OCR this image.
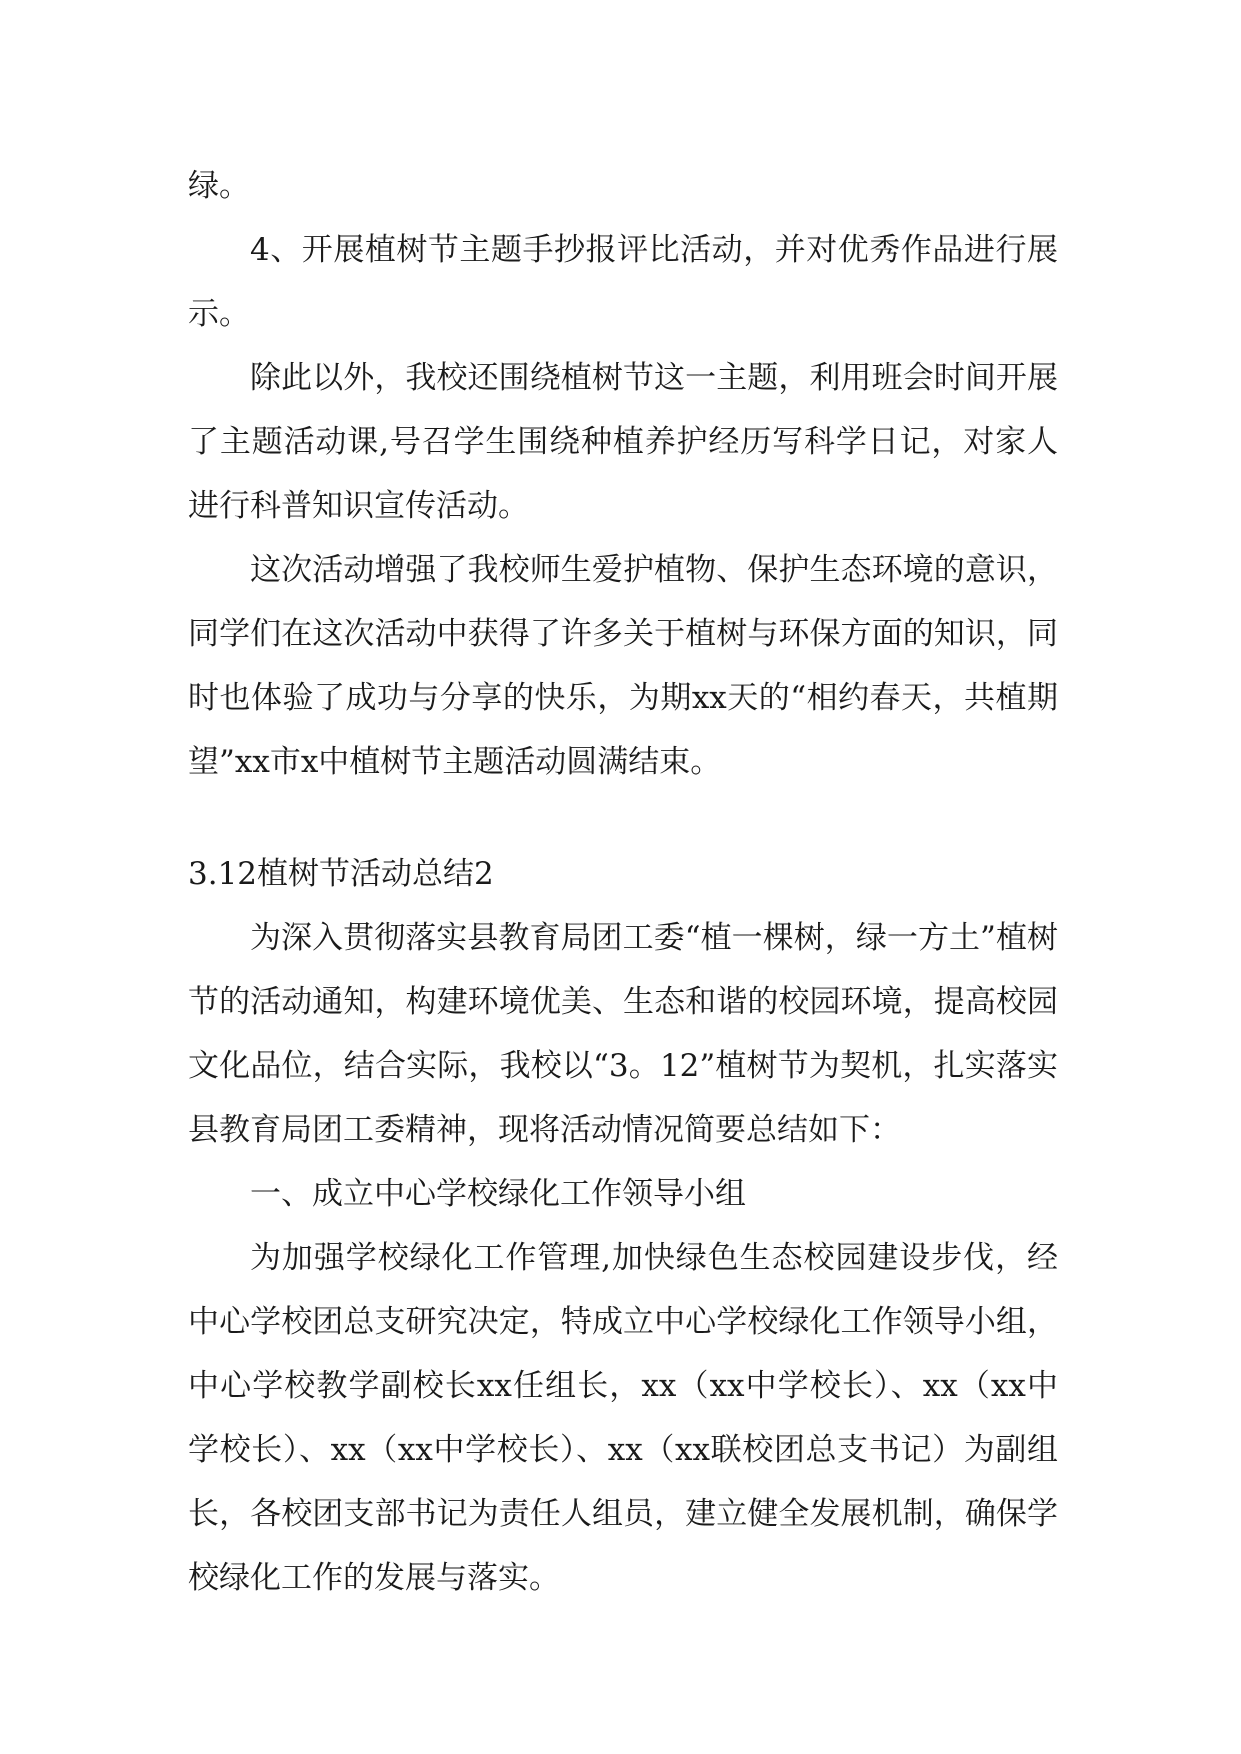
绿。

4、开展植树节主题手抄报评比活动，并对优秀作品进行展示。

除此以外，我校还围绕植树节这一主题，利用班会时间开展了主题活动课,号召学生围绕种植养护经历写科学日记，对家人进行科普知识宣传活动。

这次活动增强了我校师生爱护植物、保护生态环境的意识，同学们在这次活动中获得了许多关于植树与环保方面的知识，同时也体验了成功与分享的快乐，为期xx天的“相约春天，共植期望”xx市x中植树节主题活动圆满结束。

3.12植树节活动总结2

为深入贯彻落实县教育局团工委“植一棵树，绿一方土”植树节的活动通知，构建环境优美、生态和谐的校园环境，提高校园文化品位，结合实际，我校以“3。12”植树节为契机，扎实落实县教育局团工委精神，现将活动情况简要总结如下：

一、成立中心学校绿化工作领导小组

为加强学校绿化工作管理,加快绿色生态校园建设步伐，经中心学校团总支研究决定，特成立中心学校绿化工作领导小组，中心学校教学副校长xx任组长，xx（xx中学校长）、xx（xx中学校长）、xx（xx中学校长）、xx（xx联校团总支书记）为副组长，各校团支部书记为责任人组员，建立健全发展机制，确保学校绿化工作的发展与落实。
